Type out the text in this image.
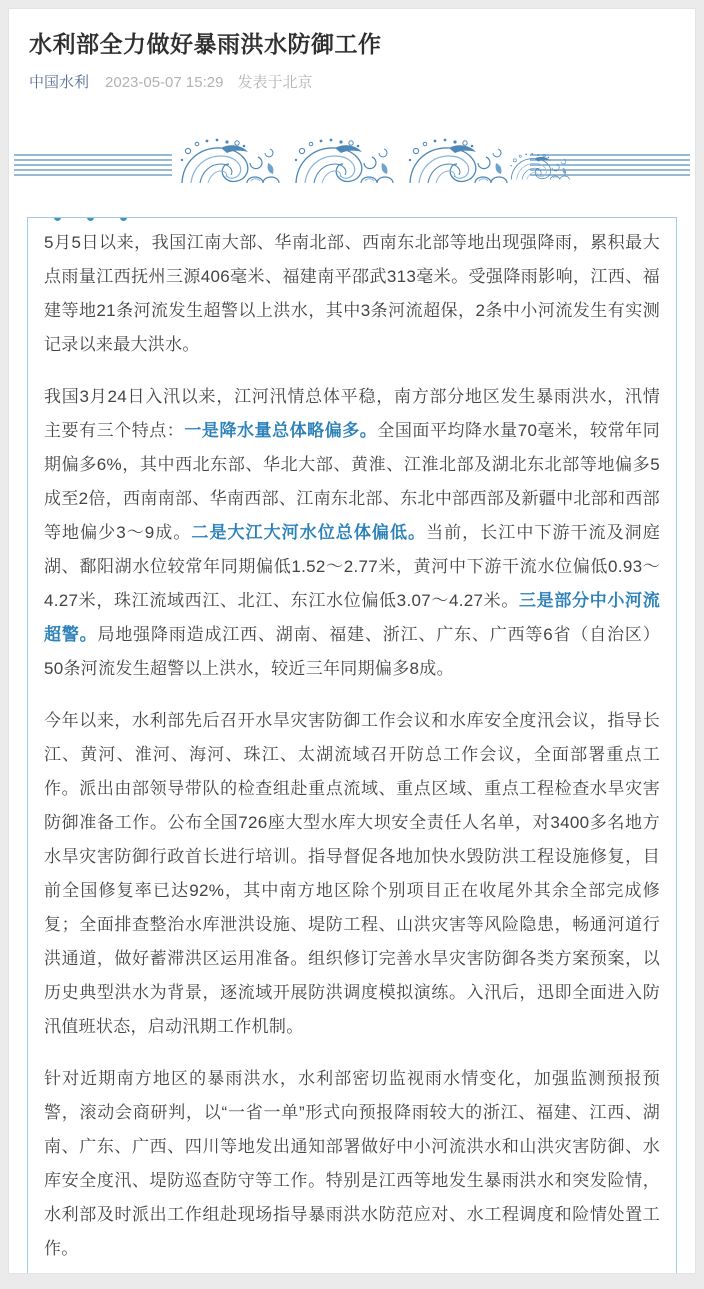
水利部全力做好暴雨洪水防御工作
中国水利 2023-05-07 15:29 发表于北京

5月5日以来，我国江南大部、华南北部、西南东北部等地出现强降雨，累积最大点雨量江西抚州三源406毫米、福建南平邵武313毫米。受强降雨影响，江西、福建等地21条河流发生超警以上洪水，其中3条河流超保，2条中小河流发生有实测记录以来最大洪水。

我国3月24日入汛以来，江河汛情总体平稳，南方部分地区发生暴雨洪水，汛情主要有三个特点：一是降水量总体略偏多。全国面平均降水量70毫米，较常年同期偏多6%，其中西北东部、华北大部、黄淮、江淮北部及湖北东北部等地偏多5成至2倍，西南南部、华南西部、江南东北部、东北中部西部及新疆中北部和西部等地偏少3～9成。二是大江大河水位总体偏低。当前，长江中下游干流及洞庭湖、鄱阳湖水位较常年同期偏低1.52～2.77米，黄河中下游干流水位偏低0.93～4.27米，珠江流域西江、北江、东江水位偏低3.07～4.27米。三是部分中小河流超警。局地强降雨造成江西、湖南、福建、浙江、广东、广西等6省（自治区）50条河流发生超警以上洪水，较近三年同期偏多8成。

今年以来，水利部先后召开水旱灾害防御工作会议和水库安全度汛会议，指导长江、黄河、淮河、海河、珠江、太湖流域召开防总工作会议，全面部署重点工作。派出由部领导带队的检查组赴重点流域、重点区域、重点工程检查水旱灾害防御准备工作。公布全国726座大型水库大坝安全责任人名单，对3400多名地方水旱灾害防御行政首长进行培训。指导督促各地加快水毁防洪工程设施修复，目前全国修复率已达92%，其中南方地区除个别项目正在收尾外其余全部完成修复；全面排查整治水库泄洪设施、堤防工程、山洪灾害等风险隐患，畅通河道行洪通道，做好蓄滞洪区运用准备。组织修订完善水旱灾害防御各类方案预案，以历史典型洪水为背景，逐流域开展防洪调度模拟演练。入汛后，迅即全面进入防汛值班状态，启动汛期工作机制。

针对近期南方地区的暴雨洪水，水利部密切监视雨水情变化，加强监测预报预警，滚动会商研判，以“一省一单”形式向预报降雨较大的浙江、福建、江西、湖南、广东、广西、四川等地发出通知部署做好中小河流洪水和山洪灾害防御、水库安全度汛、堤防巡查防守等工作。特别是江西等地发生暴雨洪水和突发险情，水利部及时派出工作组赴现场指导暴雨洪水防范应对、水工程调度和险情处置工作。
